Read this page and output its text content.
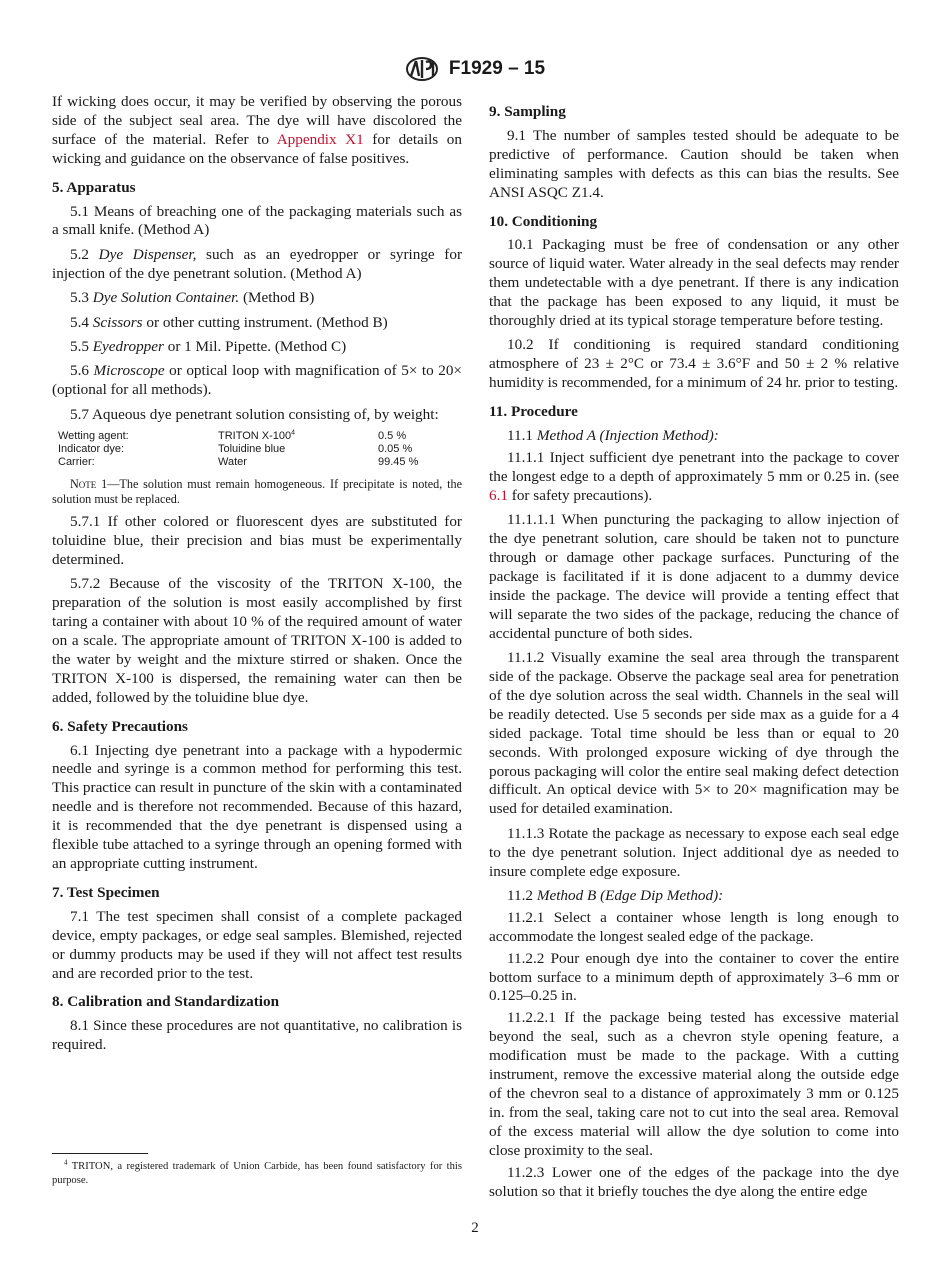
F1929 – 15

If wicking does occur, it may be verified by observing the porous side of the subject seal area. The dye will have discolored the surface of the material. Refer to Appendix X1 for details on wicking and guidance on the observance of false positives.

5. Apparatus

5.1 Means of breaching one of the packaging materials such as a small knife. (Method A)

5.2 Dye Dispenser, such as an eyedropper or syringe for injection of the dye penetrant solution. (Method A)

5.3 Dye Solution Container. (Method B)

5.4 Scissors or other cutting instrument. (Method B)

5.5 Eyedropper or 1 Mil. Pipette. (Method C)

5.6 Microscope or optical loop with magnification of 5× to 20× (optional for all methods).

5.7 Aqueous dye penetrant solution consisting of, by weight:

Wetting agent:	TRITON $X-100^4$	0.5 %
Indicator dye:	Toluidine blue	0.05 %
Carrier:	Water	99.45 %
Note 1—The solution must remain homogeneous. If precipitate is noted, the solution must be replaced.

5.7.1 If other colored or fluorescent dyes are substituted for toluidine blue, their precision and bias must be experimentally determined.

5.7.2 Because of the viscosity of the TRITON X-100, the preparation of the solution is most easily accomplished by first taring a container with about 10 % of the required amount of water on a scale. The appropriate amount of TRITON X-100 is added to the water by weight and the mixture stirred or shaken. Once the TRITON X-100 is dispersed, the remaining water can then be added, followed by the toluidine blue dye.

6. Safety Precautions

6.1 Injecting dye penetrant into a package with a hypodermic needle and syringe is a common method for performing this test. This practice can result in puncture of the skin with a contaminated needle and is therefore not recommended. Because of this hazard, it is recommended that the dye penetrant is dispensed using a flexible tube attached to a syringe through an opening formed with an appropriate cutting instrument.

7. Test Specimen

7.1 The test specimen shall consist of a complete packaged device, empty packages, or edge seal samples. Blemished, rejected or dummy products may be used if they will not affect test results and are recorded prior to the test.

8. Calibration and Standardization

8.1 Since these procedures are not quantitative, no calibration is required.

9. Sampling

9.1 The number of samples tested should be adequate to be predictive of performance. Caution should be taken when eliminating samples with defects as this can bias the results. See ANSI ASQC Z1.4.

10. Conditioning

10.1 Packaging must be free of condensation or any other source of liquid water. Water already in the seal defects may render them undetectable with a dye penetrant. If there is any indication that the package has been exposed to any liquid, it must be thoroughly dried at its typical storage temperature before testing.

10.2 If conditioning is required standard conditioning atmosphere of 23 ± 2°C or 73.4 ± 3.6°F and 50 ± 2 % relative humidity is recommended, for a minimum of 24 hr. prior to testing.

11. Procedure

11.1 Method A (Injection Method):

11.1.1 Inject sufficient dye penetrant into the package to cover the longest edge to a depth of approximately 5 mm or 0.25 in. (see 6.1 for safety precautions).

11.1.1.1 When puncturing the packaging to allow injection of the dye penetrant solution, care should be taken not to puncture through or damage other package surfaces. Puncturing of the package is facilitated if it is done adjacent to a dummy device inside the package. The device will provide a tenting effect that will separate the two sides of the package, reducing the chance of accidental puncture of both sides.

11.1.2 Visually examine the seal area through the transparent side of the package. Observe the package seal area for penetration of the dye solution across the seal width. Channels in the seal will be readily detected. Use 5 seconds per side max as a guide for a 4 sided package. Total time should be less than or equal to 20 seconds. With prolonged exposure wicking of dye through the porous packaging will color the entire seal making defect detection difficult. An optical device with 5× to 20× magnification may be used for detailed examination.

11.1.3 Rotate the package as necessary to expose each seal edge to the dye penetrant solution. Inject additional dye as needed to insure complete edge exposure.

11.2 Method B (Edge Dip Method):

11.2.1 Select a container whose length is long enough to accommodate the longest sealed edge of the package.

11.2.2 Pour enough dye into the container to cover the entire bottom surface to a minimum depth of approximately 3–6 mm or 0.125–0.25 in.

11.2.2.1 If the package being tested has excessive material beyond the seal, such as a chevron style opening feature, a modification must be made to the package. With a cutting instrument, remove the excessive material along the outside edge of the chevron seal to a distance of approximately 3 mm or 0.125 in. from the seal, taking care not to cut into the seal area. Removal of the excess material will allow the dye solution to come into close proximity to the seal.

11.2.3 Lower one of the edges of the package into the dye solution so that it briefly touches the dye along the entire edge

$^4$ TRITON, a registered trademark of Union Carbide, has been found satisfactory for this purpose.
2
